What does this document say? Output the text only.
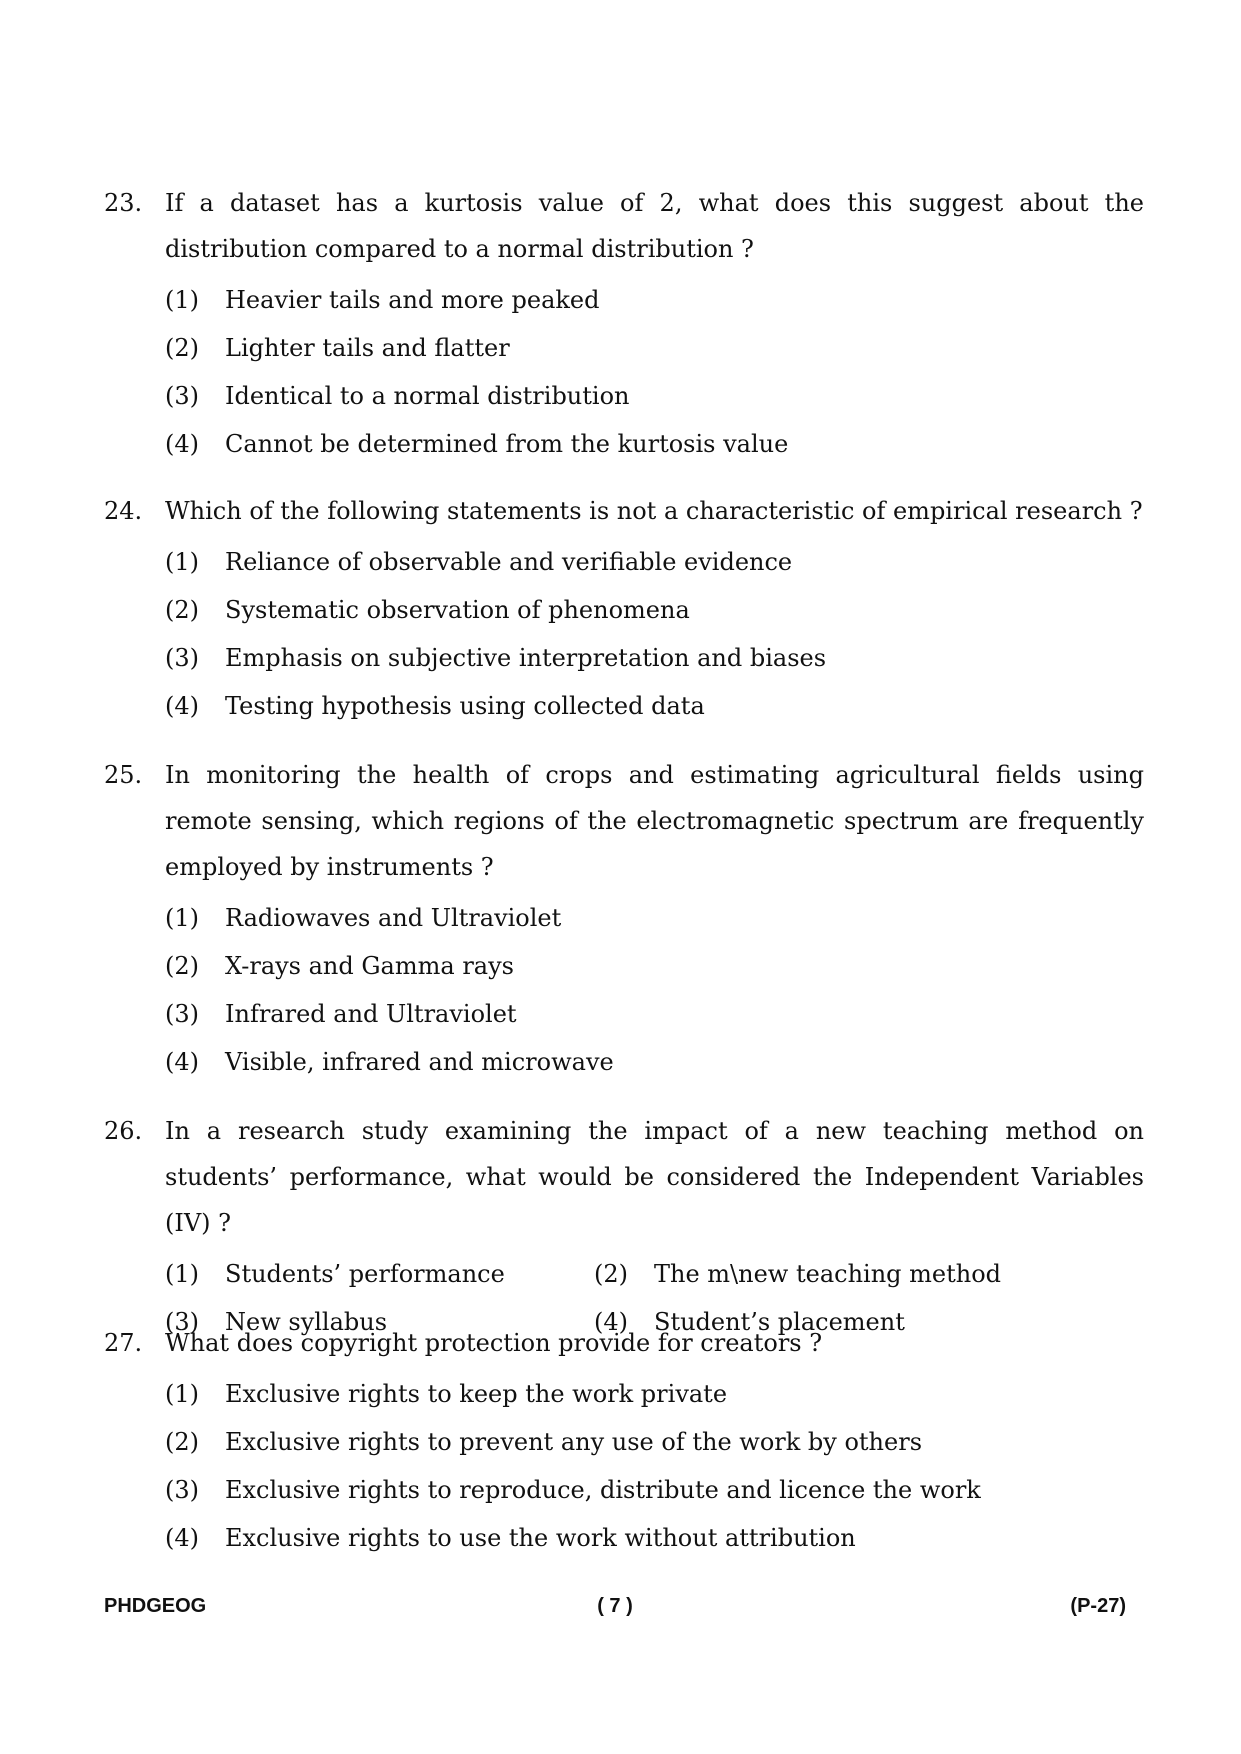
23. If a dataset has a kurtosis value of 2, what does this suggest about the distribution compared to a normal distribution ?
(1) Heavier tails and more peaked
(2) Lighter tails and flatter
(3) Identical to a normal distribution
(4) Cannot be determined from the kurtosis value
24. Which of the following statements is not a characteristic of empirical research ?
(1) Reliance of observable and verifiable evidence
(2) Systematic observation of phenomena
(3) Emphasis on subjective interpretation and biases
(4) Testing hypothesis using collected data
25. In monitoring the health of crops and estimating agricultural fields using remote sensing, which regions of the electromagnetic spectrum are frequently employed by instruments ?
(1) Radiowaves and Ultraviolet
(2) X-rays and Gamma rays
(3) Infrared and Ultraviolet
(4) Visible, infrared and microwave
26. In a research study examining the impact of a new teaching method on students’ performance, what would be considered the Independent Variables (IV) ?
(1) Students’ performance	(2) The m\new teaching method
(3) New syllabus	(4) Student’s placement
27. What does copyright protection provide for creators ?
(1) Exclusive rights to keep the work private
(2) Exclusive rights to prevent any use of the work by others
(3) Exclusive rights to reproduce, distribute and licence the work
(4) Exclusive rights to use the work without attribution
PHDGEOG	( 7 )	(P-27)
